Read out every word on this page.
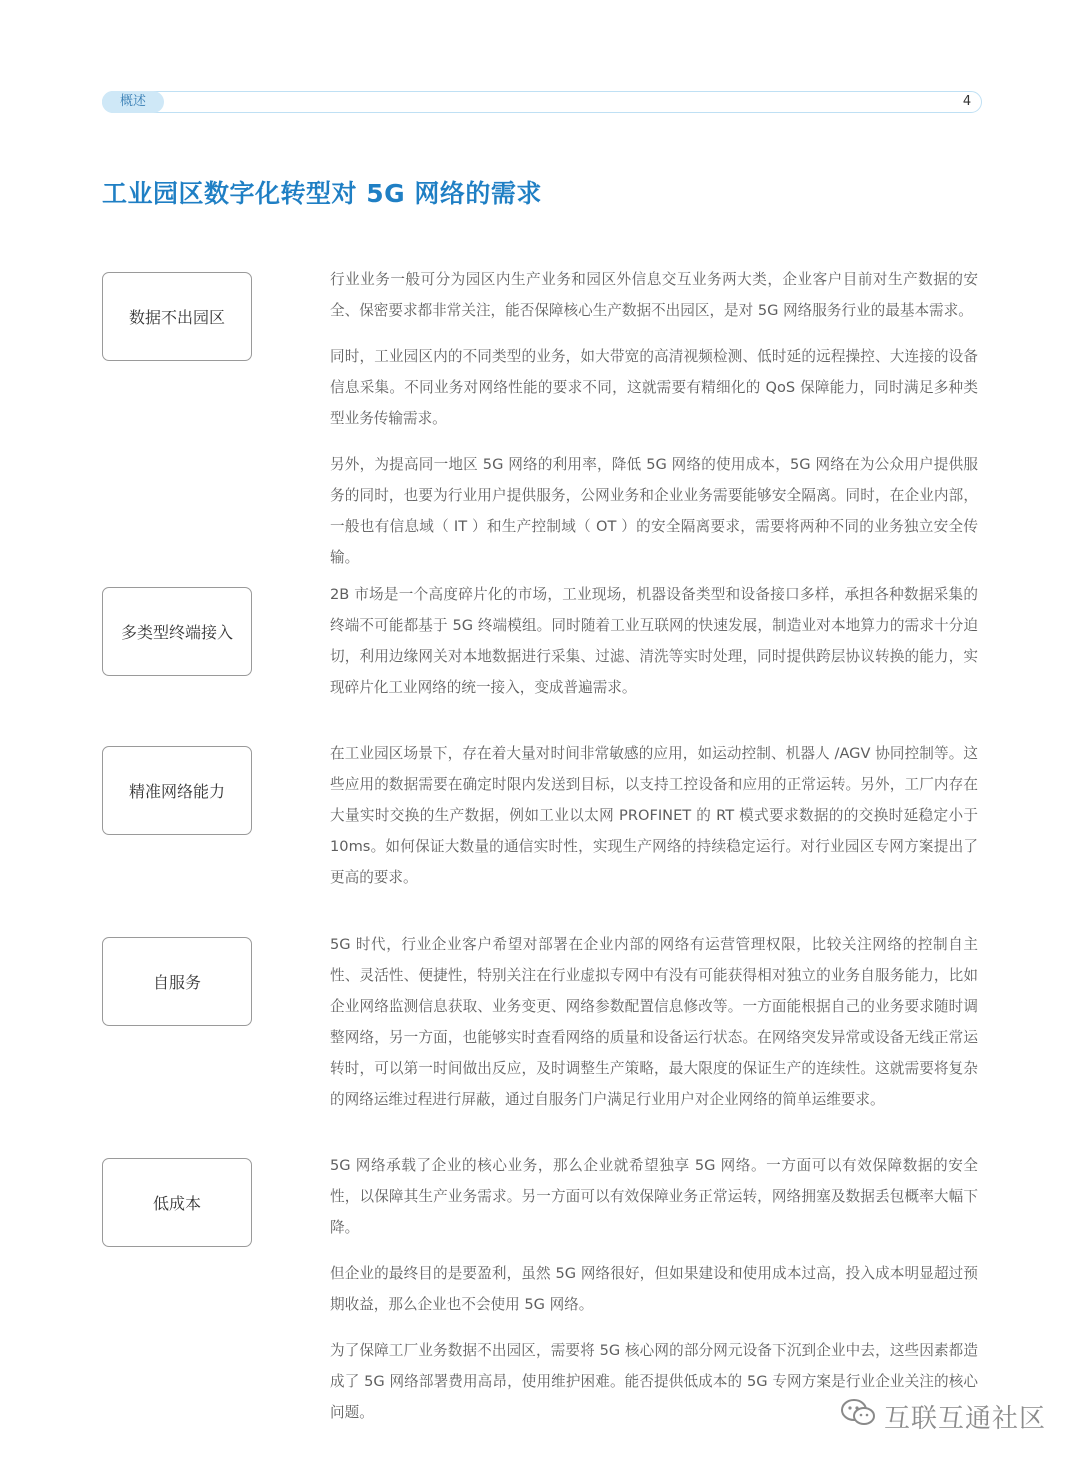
概述	4
工业园区数字化转型对 5G 网络的需求
数据不出园区

行业业务一般可分为园区内生产业务和园区外信息交互业务两大类，企业客户目前对生产数据的安全、保密要求都非常关注，能否保障核心生产数据不出园区，是对 5G 网络服务行业的最基本需求。

同时，工业园区内的不同类型的业务，如大带宽的高清视频检测、低时延的远程操控、大连接的设备信息采集。不同业务对网络性能的要求不同，这就需要有精细化的 QoS 保障能力，同时满足多种类型业务传输需求。

另外，为提高同一地区 5G 网络的利用率，降低 5G 网络的使用成本，5G 网络在为公众用户提供服务的同时，也要为行业用户提供服务，公网业务和企业业务需要能够安全隔离。同时，在企业内部，一般也有信息域（ IT ）和生产控制域（ OT ）的安全隔离要求，需要将两种不同的业务独立安全传输。

多类型终端接入

2B 市场是一个高度碎片化的市场，工业现场，机器设备类型和设备接口多样，承担各种数据采集的终端不可能都基于 5G 终端模组。同时随着工业互联网的快速发展，制造业对本地算力的需求十分迫切，利用边缘网关对本地数据进行采集、过滤、清洗等实时处理，同时提供跨层协议转换的能力，实现碎片化工业网络的统一接入，变成普遍需求。

精准网络能力

在工业园区场景下，存在着大量对时间非常敏感的应用，如运动控制、机器人 /AGV 协同控制等。这些应用的数据需要在确定时限内发送到目标，以支持工控设备和应用的正常运转。另外，工厂内存在大量实时交换的生产数据，例如工业以太网 PROFINET 的 RT 模式要求数据的的交换时延稳定小于 10ms。如何保证大数量的通信实时性，实现生产网络的持续稳定运行。对行业园区专网方案提出了更高的要求。

自服务

5G 时代，行业企业客户希望对部署在企业内部的网络有运营管理权限，比较关注网络的控制自主性、灵活性、便捷性，特别关注在行业虚拟专网中有没有可能获得相对独立的业务自服务能力，比如企业网络监测信息获取、业务变更、网络参数配置信息修改等。一方面能根据自己的业务要求随时调整网络，另一方面，也能够实时查看网络的质量和设备运行状态。在网络突发异常或设备无线正常运转时，可以第一时间做出反应，及时调整生产策略，最大限度的保证生产的连续性。这就需要将复杂的网络运维过程进行屏蔽，通过自服务门户满足行业用户对企业网络的简单运维要求。

低成本

5G 网络承载了企业的核心业务，那么企业就希望独享 5G 网络。一方面可以有效保障数据的安全性，以保障其生产业务需求。另一方面可以有效保障业务正常运转，网络拥塞及数据丢包概率大幅下降。

但企业的最终目的是要盈利，虽然 5G 网络很好，但如果建设和使用成本过高，投入成本明显超过预期收益，那么企业也不会使用 5G 网络。

为了保障工厂业务数据不出园区，需要将 5G 核心网的部分网元设备下沉到企业中去，这些因素都造成了 5G 网络部署费用高昂，使用维护困难。能否提供低成本的 5G 专网方案是行业企业关注的核心问题。	互联互通社区
